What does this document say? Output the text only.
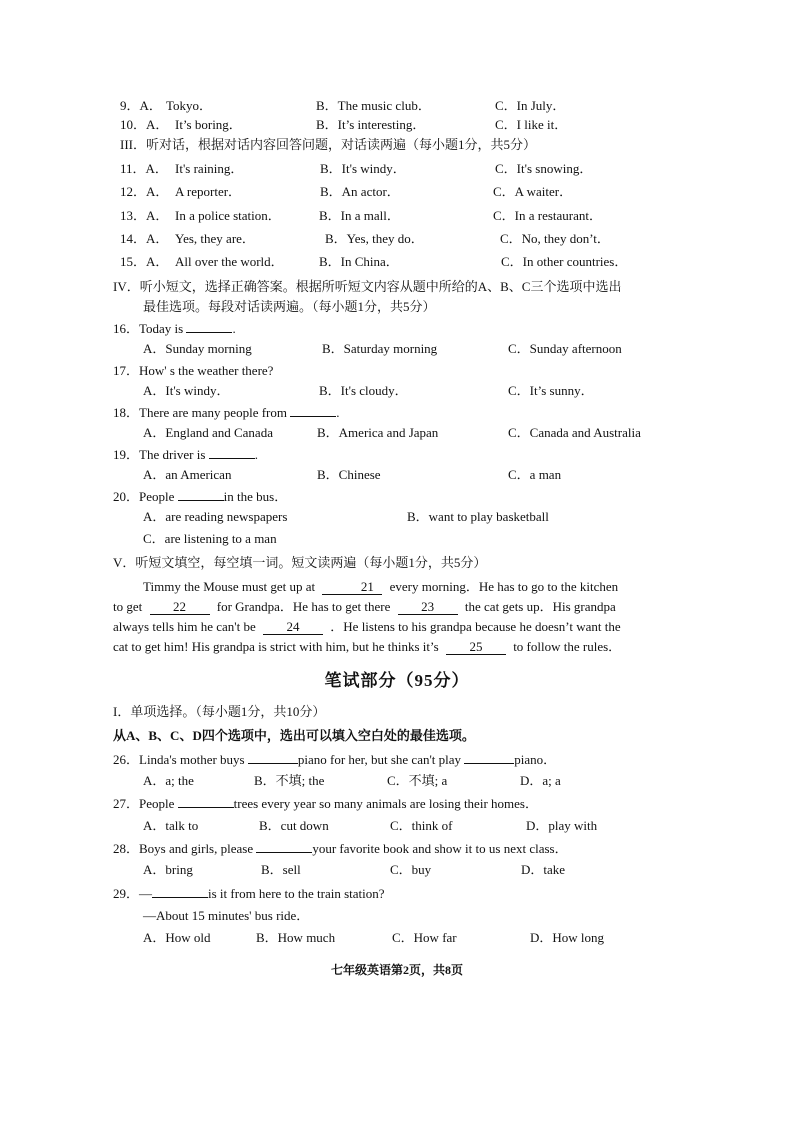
9．A． Tokyo．	B．The music club．	C．In July．
10．A． It’s boring．	B．It’s interesting．	C．I like it．
III．听对话，根据对话内容回答问题，对话读两遍（每小题1分，共5分）
11．A． It's raining．	B．It's windy．	C．It's snowing．
12．A． A reporter．	B．An actor．	C．A waiter．
13．A． In a police station．	B．In a mall．	C．In a restaurant．
14．A． Yes, they are．	B．Yes, they do．	C．No, they don’t．
15．A． All over the world．	B．In China．	C．In other countries．
IV．听小短文，选择正确答案。根据所听短文内容从题中所给的A、B、C三个选项中选出
最佳选项。每段对话读两遍。（每小题1分，共5分）
16．Today is	.
A．Sunday morning	B．Saturday morning	C．Sunday afternoon
17．How' s the weather there?
A．It's windy．	B．It's cloudy．	C．It’s sunny．
18．There are many people from	.
A．England and Canada	B．America and Japan	C．Canada and Australia
19．The driver is	.
A．an American	B．Chinese	C．a man
20．People	in the bus．
A．are reading newspapers	B．want to play basketball
C．are listening to a man
V．听短文填空，每空填一词。短文读两遍（每小题1分，共5分）
Timmy the Mouse must get up at	21 every morning．He has to go to the kitchen
to get 22 for Grandpa．He has to get there 23 the cat gets up．His grandpa
always tells him he can't be 24 ．He listens to his grandpa because he doesn’t want the
cat to get him! His grandpa is strict with him, but he thinks it’s 25 to follow the rules．
笔试部分（95分）
I．单项选择。（每小题1分，共10分）
从A、B、C、D四个选项中，选出可以填入空白处的最佳选项。
26．Linda's mother buys	piano for her, but she can't play	piano．
A．a; the	B．不填; the	C．不填; a	D．a; a
27．People	trees every year so many animals are losing their homes．
A．talk to	B．cut down	C．think of	D．play with
28．Boys and girls, please	your favorite book and show it to us next class．
A．bring	B．sell	C．buy	D．take
29．—	is it from here to the train station?
—About 15 minutes' bus ride．
A．How old	B．How much	C．How far	D．How long
七年级英语第2页，共8页
